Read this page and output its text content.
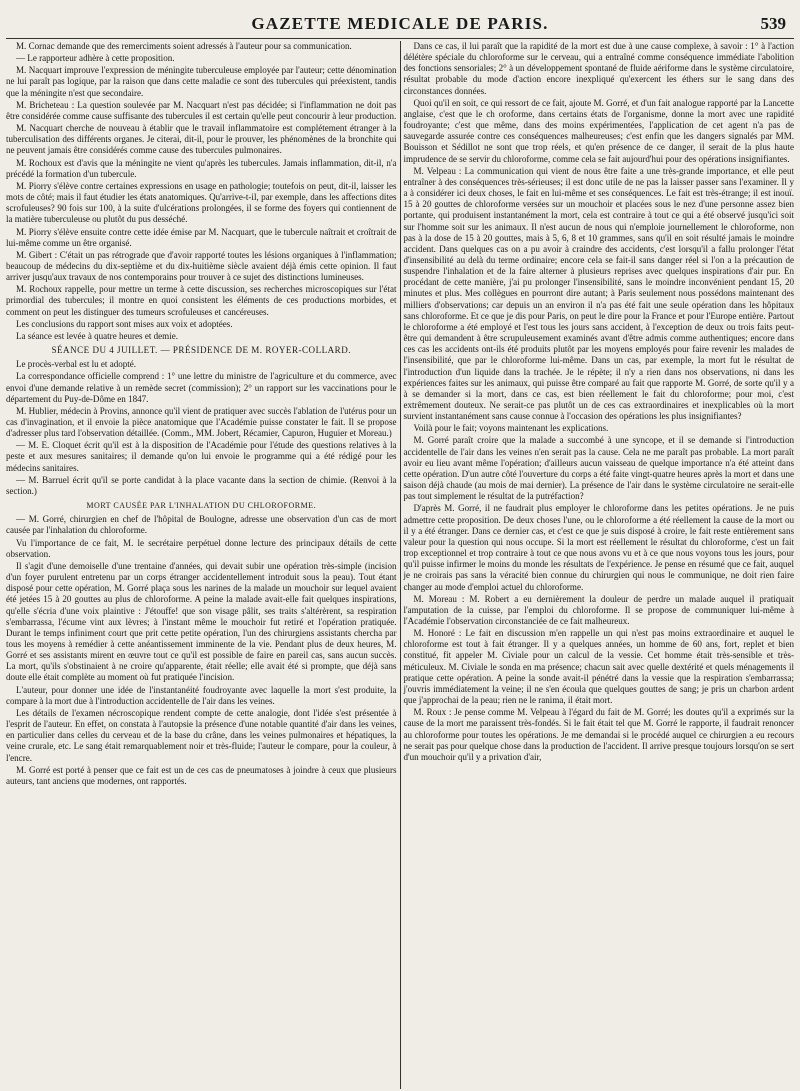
GAZETTE MEDICALE DE PARIS.	539

M. Cornac demande que des remerciments soient adressés à l'auteur pour sa communication.

— Le rapporteur adhère à cette proposition.

M. Nacquart improuve l'expression de méningite tuberculeuse employée par l'auteur; cette dénomination ne lui paraît pas logique, par la raison que dans cette maladie ce sont des tubercules qui préexistent, tandis que la méningite n'est que secondaire.

M. Bricheteau : La question soulevée par M. Nacquart n'est pas décidée; si l'inflammation ne doit pas être considérée comme cause suffisante des tubercules il est certain qu'elle peut concourir à leur production.

M. Nacquart cherche de nouveau à établir que le travail inflammatoire est complétement étranger à la tuberculisation des différents organes. Je citerai, dit-il, pour le prouver, les phénomènes de la bronchite qui ne peuvent jamais être considérés comme cause des tubercules pulmonaires.

M. Rochoux est d'avis que la méningite ne vient qu'après les tubercules. Jamais inflammation, dit-il, n'a précédé la formation d'un tubercule.

M. Piorry s'élève contre certaines expressions en usage en pathologie; toutefois on peut, dit-il, laisser les mots de côté; mais il faut étudier les états anatomiques. Qu'arrive-t-il, par exemple, dans les affections dites scrofuleuses? 90 fois sur 100, à la suite d'ulcérations prolongées, il se forme des foyers qui contiennent de la matière tuberculeuse ou plutôt du pus desséché.

M. Piorry s'élève ensuite contre cette idée émise par M. Nacquart, que le tubercule naîtrait et croîtrait de lui-même comme un être organisé.

M. Gibert : C'était un pas rétrograde que d'avoir rapporté toutes les lésions organiques à l'inflammation; beaucoup de médecins du dix-septième et du dix-huitième siècle avaient déjà émis cette opinion. Il faut arriver jusqu'aux travaux de nos contemporains pour trouver à ce sujet des distinctions lumineuses.

M. Rochoux rappelle, pour mettre un terme à cette discussion, ses recherches microscopiques sur l'état primordial des tubercules; il montre en quoi consistent les éléments de ces productions morbides, et comment on peut les distinguer des tumeurs scrofuleuses et cancéreuses.

Les conclusions du rapport sont mises aux voix et adoptées.

La séance est levée à quatre heures et demie.

SÉANCE DU 4 JUILLET. — PRÉSIDENCE DE M. ROYER-COLLARD.

Le procès-verbal est lu et adopté.

La correspondance officielle comprend : 1° une lettre du ministre de l'agriculture et du commerce, avec envoi d'une demande relative à un remède secret (commission); 2° un rapport sur les vaccinations pour le département du Puy-de-Dôme en 1847.

M. Hublier, médecin à Provins, annonce qu'il vient de pratiquer avec succès l'ablation de l'utérus pour un cas d'invagination, et il envoie la pièce anatomique que l'Académie puisse constater le fait. Il se propose d'adresser plus tard l'observation détaillée. (Comm., MM. Jobert, Récamier, Capuron, Huguier et Moreau.)

— M. E. Cloquet écrit qu'il est à la disposition de l'Académie pour l'étude des questions relatives à la peste et aux mesures sanitaires; il demande qu'on lui envoie le programme qui a été rédigé pour les médecins sanitaires.

— M. Barruel écrit qu'il se porte candidat à la place vacante dans la section de chimie. (Renvoi à la section.)

MORT CAUSÉE PAR L'INHALATION DU CHLOROFORME.

— M. Gorré, chirurgien en chef de l'hôpital de Boulogne, adresse une observation d'un cas de mort causée par l'inhalation du chloroforme.

Vu l'importance de ce fait, M. le secrétaire perpétuel donne lecture des principaux détails de cette observation.

Il s'agit d'une demoiselle d'une trentaine d'années, qui devait subir une opération très-simple (incision d'un foyer purulent entretenu par un corps étranger accidentellement introduit sous la peau). Tout étant disposé pour cette opération, M. Gorré plaça sous les narines de la malade un mouchoir sur lequel avaient été jetées 15 à 20 gouttes au plus de chloroforme. A peine la malade avait-elle fait quelques inspirations, qu'elle s'écria d'une voix plaintive : J'étouffe! que son visage pâlit, ses traits s'altérèrent, sa respiration s'embarrassa, l'écume vint aux lèvres; à l'instant même le mouchoir fut retiré et l'opération pratiquée. Durant le temps infiniment court que prit cette petite opération, l'un des chirurgiens assistants chercha par tous les moyens à remédier à cette anéantissement imminente de la vie. Pendant plus de deux heures, M. Gorré et ses assistants mirent en œuvre tout ce qu'il est possible de faire en pareil cas, sans aucun succès. La mort, qu'ils s'obstinaient à ne croire qu'apparente, était réelle; elle avait été si prompte, que déjà sans doute elle était complète au moment où fut pratiquée l'incision.

L'auteur, pour donner une idée de l'instantanéité foudroyante avec laquelle la mort s'est produite, la compare à la mort due à l'introduction accidentelle de l'air dans les veines.

Les détails de l'examen nécroscopique rendent compte de cette analogie, dont l'idée s'est présentée à l'esprit de l'auteur. En effet, on constata à l'autopsie la présence d'une notable quantité d'air dans les veines, en particulier dans celles du cerveau et de la base du crâne, dans les veines pulmonaires et hépatiques, la veine crurale, etc. Le sang était remarquablement noir et très-fluide; l'auteur le compare, pour la couleur, à l'encre.

M. Gorré est porté à penser que ce fait est un de ces cas de pneumatoses à joindre à ceux que plusieurs auteurs, tant anciens que modernes, ont rapportés.

Dans ce cas, il lui paraît que la rapidité de la mort est due à une cause complexe, à savoir : 1° à l'action délétère spéciale du chloroforme sur le cerveau, qui a entraîné comme conséquence immédiate l'abolition des fonctions sensoriales; 2° à un développement spontané de fluide aériforme dans le système circulatoire, résultat probable du mode d'action encore inexpliqué qu'exercent les éthers sur le sang dans des circonstances données.

Quoi qu'il en soit, ce qui ressort de ce fait, ajoute M. Gorré, et d'un fait analogue rapporté par la Lancette anglaise, c'est que le ch oroforme, dans certains états de l'organisme, donne la mort avec une rapidité foudroyante; c'est que même, dans des moins expérimentées, l'application de cet agent n'a pas de sauvegarde assurée contre ces conséquences malheureuses; c'est enfin que les dangers signalés par MM. Bouisson et Sédillot ne sont que trop réels, et qu'en présence de ce danger, il serait de la plus haute imprudence de se servir du chloroforme, comme cela se fait aujourd'hui pour des opérations insignifiantes.

M. Velpeau : La communication qui vient de nous être faite a une très-grande importance, et elle peut entraîner à des conséquences très-sérieuses; il est donc utile de ne pas la laisser passer sans l'examiner. Il y a à considérer ici deux choses, le fait en lui-même et ses conséquences. Le fait est très-étrange; il est inouï. 15 à 20 gouttes de chloroforme versées sur un mouchoir et placées sous le nez d'une personne assez bien portante, qui produisent instantanément la mort, cela est contraire à tout ce qui a été observé jusqu'ici soit sur l'homme soit sur les animaux. Il n'est aucun de nous qui n'emploie journellement le chloroforme, non pas à la dose de 15 à 20 gouttes, mais à 5, 6, 8 et 10 grammes, sans qu'il en soit résulté jamais le moindre accident. Dans quelques cas on a pu avoir à craindre des accidents, c'est lorsqu'il a fallu prolonger l'état d'insensibilité au delà du terme ordinaire; encore cela se fait-il sans danger réel si l'on a la précaution de suspendre l'inhalation et de la faire alterner à plusieurs reprises avec quelques inspirations d'air pur. En procédant de cette manière, j'ai pu prolonger l'insensibilité, sans le moindre inconvénient pendant 15, 20 minutes et plus. Mes collègues en pourront dire autant; à Paris seulement nous possédons maintenant des milliers d'observations; car depuis un an environ il n'a pas été fait une seule opération dans les hôpitaux sans chloroforme. Et ce que je dis pour Paris, on peut le dire pour la France et pour l'Europe entière. Partout le chloroforme a été employé et l'est tous les jours sans accident, à l'exception de deux ou trois faits peut-être qui demandent à être scrupuleusement examinés avant d'être admis comme authentiques; encore dans ces cas les accidents ont-ils été produits plutôt par les moyens employés pour faire revenir les malades de l'insensibilité, que par le chloroforme lui-même. Dans un cas, par exemple, la mort fut le résultat de l'introduction d'un liquide dans la trachée. Je le répète; il n'y a rien dans nos observations, ni dans les expériences faites sur les animaux, qui puisse être comparé au fait que rapporte M. Gorré, de sorte qu'il y a à se demander si la mort, dans ce cas, est bien réellement le fait du chloroforme; pour moi, c'est extrêmement douteux. Ne serait-ce pas plutôt un de ces cas extraordinaires et inexplicables où la mort survient instantanément sans cause connue à l'occasion des opérations les plus insignifiantes?

Voilà pour le fait; voyons maintenant les explications.

M. Gorré paraît croire que la malade a succombé à une syncope, et il se demande si l'introduction accidentelle de l'air dans les veines n'en serait pas la cause. Cela ne me paraît pas probable. La mort paraît avoir eu lieu avant même l'opération; d'ailleurs aucun vaisseau de quelque importance n'a été atteint dans cette opération. D'un autre côté l'ouverture du corps a été faite vingt-quatre heures après la mort et dans une saison déjà chaude (au mois de mai dernier). La présence de l'air dans le système circulatoire ne serait-elle pas tout simplement le résultat de la putréfaction?

D'après M. Gorré, il ne faudrait plus employer le chloroforme dans les petites opérations. Je ne puis admettre cette proposition. De deux choses l'une, ou le chloroforme a été réellement la cause de la mort ou il y a été étranger. Dans ce dernier cas, et c'est ce que je suis disposé à croire, le fait reste entièrement sans valeur pour la question qui nous occupe. Si la mort est réellement le résultat du chloroforme, c'est un fait trop exceptionnel et trop contraire à tout ce que nous avons vu et à ce que nous voyons tous les jours, pour qu'il puisse infirmer le moins du monde les résultats de l'expérience. Je pense en résumé que ce fait, auquel je ne croirais pas sans la véracité bien connue du chirurgien qui nous le communique, ne doit rien faire changer au mode d'emploi actuel du chloroforme.

M. Moreau : M. Robert a eu dernièrement la douleur de perdre un malade auquel il pratiquait l'amputation de la cuisse, par l'emploi du chloroforme. Il se propose de communiquer lui-même à l'Académie l'observation circonstanciée de ce fait malheureux.

M. Honoré : Le fait en discussion m'en rappelle un qui n'est pas moins extraordinaire et auquel le chloroforme est tout à fait étranger. Il y a quelques années, un homme de 60 ans, fort, replet et bien constitué, fit appeler M. Civiale pour un calcul de la vessie. Cet homme était très-sensible et très-méticuleux. M. Civiale le sonda en ma présence; chacun sait avec quelle dextérité et quels ménagements il pratique cette opération. A peine la sonde avait-il pénétré dans la vessie que la respiration s'embarrassa; j'ouvris immédiatement la veine; il ne s'en écoula que quelques gouttes de sang; je pris un charbon ardent que j'approchai de la peau; rien ne le ranima, il était mort.

M. Roux : Je pense comme M. Velpeau à l'égard du fait de M. Gorré; les doutes qu'il a exprimés sur la cause de la mort me paraissent très-fondés. Si le fait était tel que M. Gorré le rapporte, il faudrait renoncer au chloroforme pour toutes les opérations. Je me demandai si le procédé auquel ce chirurgien a eu recours ne serait pas pour quelque chose dans la production de l'accident. Il arrive presque toujours lorsqu'on se sert d'un mouchoir qu'il y a privation d'air,
